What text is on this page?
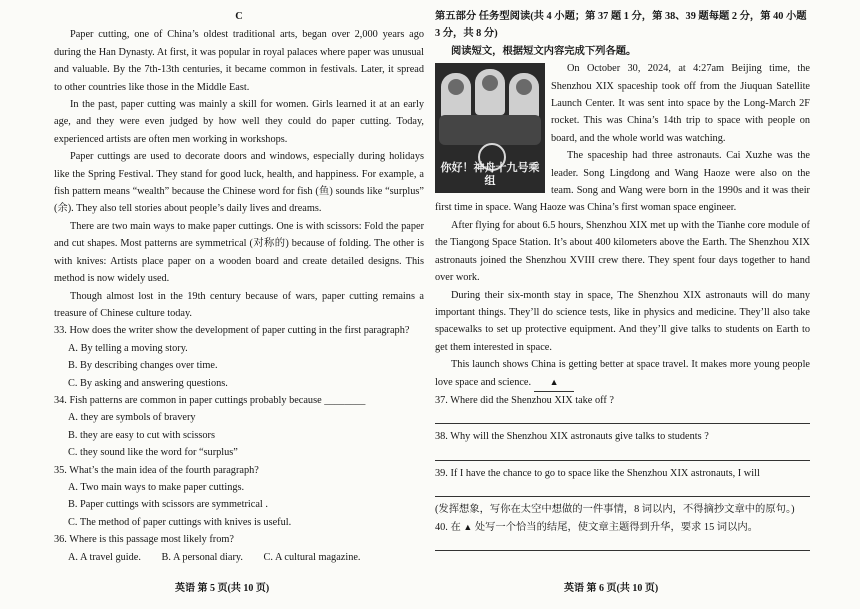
C

Paper cutting, one of China’s oldest traditional arts, began over 2,000 years ago during the Han Dynasty. At first, it was popular in royal palaces where paper was unusual and valuable. By the 7th-13th centuries, it became common in festivals. Later, it spread to other countries like those in the Middle East.

In the past, paper cutting was mainly a skill for women. Girls learned it at an early age, and they were even judged by how well they could do paper cutting. Today, experienced artists are often men working in workshops.

Paper cuttings are used to decorate doors and windows, especially during holidays like the Spring Festival. They stand for good luck, health, and happiness. For example, a fish pattern means “wealth” because the Chinese word for fish (鱼) sounds like “surplus” (余). They also tell stories about people’s daily lives and dreams.

There are two main ways to make paper cuttings. One is with scissors: Fold the paper and cut shapes. Most patterns are symmetrical (对称的) because of folding. The other is with knives: Artists place paper on a wooden board and create detailed designs. This method is now widely used.

Though almost lost in the 19th century because of wars, paper cutting remains a treasure of Chinese culture today.

33. How does the writer show the development of paper cutting in the first paragraph?
A. By telling a moving story.
B. By describing changes over time.
C. By asking and answering questions.
34. Fish patterns are common in paper cuttings probably because ________
A. they are symbols of bravery
B. they are easy to cut with scissors
C. they sound like the word for “surplus”
35. What’s the main idea of the fourth paragraph?
A. Two main ways to make paper cuttings.
B. Paper cuttings with scissors are symmetrical .
C. The method of paper cuttings with knives is useful.
36. Where is this passage most likely from?
A. A travel guide. B. A personal diary. C. A cultural magazine.
英语 第 5 页(共 10 页)
第五部分 任务型阅读(共 4 小题；第 37 题 1 分，第 38、39 题每题 2 分，第 40 小题 3 分，共 8 分)
阅读短文，根据短文内容完成下列各题。
你好！神舟十九号乘组

On October 30, 2024, at 4:27am Beijing time, the Shenzhou XIX spaceship took off from the Jiuquan Satellite Launch Center. It was sent into space by the Long-March 2F rocket. This was China’s 14th trip to space with people on board, and the whole world was watching.

The spaceship had three astronauts. Cai Xuzhe was the leader. Song Lingdong and Wang Haoze were also on the team. Song and Wang were born in the 1990s and it was their first time in space. Wang Haoze was China’s first woman space engineer.

After flying for about 6.5 hours, Shenzhou XIX met up with the Tianhe core module of the Tiangong Space Station. It’s about 400 kilometers above the Earth. The Shenzhou XIX astronauts joined the Shenzhou XVIII crew there. They spent four days together to hand over work.

During their six-month stay in space, The Shenzhou XIX astronauts will do many important things. They’ll do science tests, like in physics and medicine. They’ll also take spacewalks to set up protective equipment. And they’ll give talks to students on Earth to get them interested in space.

This launch shows China is getting better at space travel. It makes more young people love space and science. ▲

37. Where did the Shenzhou XIX take off ?
38. Why will the Shenzhou XIX astronauts give talks to students ?
39. If I have the chance to go to space like the Shenzhou XIX astronauts, I will
(发挥想象，写你在太空中想做的一件事情，8 词以内，不得摘抄文章中的原句。)
40. 在 ▲ 处写一个恰当的结尾，使文章主题得到升华，要求 15 词以内。
英语 第 6 页(共 10 页)
